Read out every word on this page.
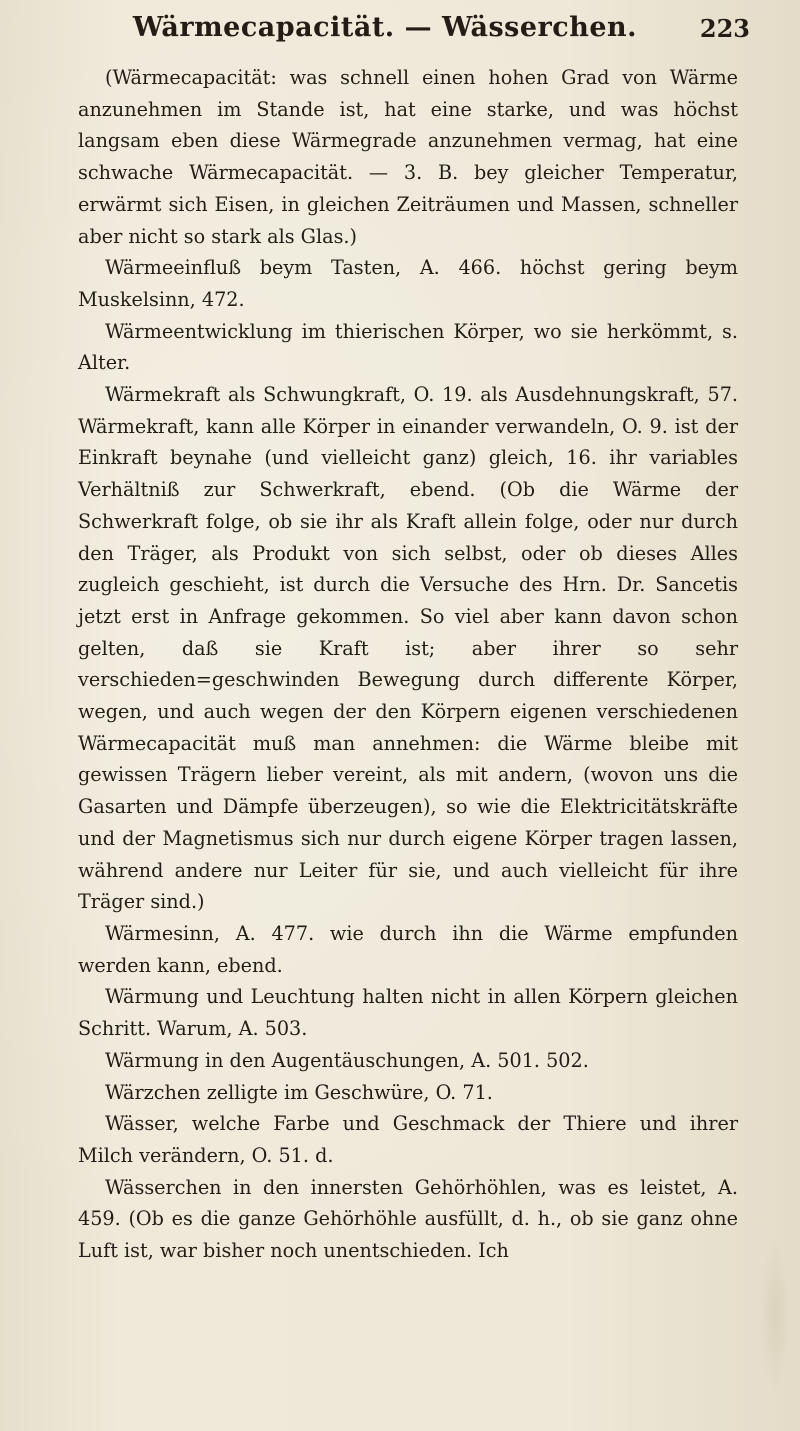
Wärmecapacität. — Wässerchen.	223

(Wärmecapacität: was schnell einen hohen Grad von Wärme anzunehmen im Stande ist, hat eine starke, und was höchst langsam eben diese Wärmegrade anzunehmen vermag, hat eine schwache Wärmecapacität. — 3. B. bey gleicher Temperatur, erwärmt sich Eisen, in gleichen Zeiträumen und Massen, schneller aber nicht so stark als Glas.)

Wärmeeinfluß beym Tasten, A. 466. höchst gering beym Muskelsinn, 472.

Wärmeentwicklung im thierischen Körper, wo sie herkömmt, s. Alter.

Wärmekraft als Schwungkraft, O. 19. als Ausdehnungskraft, 57. Wärmekraft, kann alle Körper in einander verwandeln, O. 9. ist der Einkraft beynahe (und vielleicht ganz) gleich, 16. ihr variables Verhältniß zur Schwerkraft, ebend. (Ob die Wärme der Schwerkraft folge, ob sie ihr als Kraft allein folge, oder nur durch den Träger, als Produkt von sich selbst, oder ob dieses Alles zugleich geschieht, ist durch die Versuche des Hrn. Dr. Sancetis jetzt erst in Anfrage gekommen. So viel aber kann davon schon gelten, daß sie Kraft ist; aber ihrer so sehr verschieden=geschwinden Bewegung durch differente Körper, wegen, und auch wegen der den Körpern eigenen verschiedenen Wärmecapacität muß man annehmen: die Wärme bleibe mit gewissen Trägern lieber vereint, als mit andern, (wovon uns die Gasarten und Dämpfe überzeugen), so wie die Elektricitätskräfte und der Magnetismus sich nur durch eigene Körper tragen lassen, während andere nur Leiter für sie, und auch vielleicht für ihre Träger sind.)

Wärmesinn, A. 477. wie durch ihn die Wärme empfunden werden kann, ebend.

Wärmung und Leuchtung halten nicht in allen Körpern gleichen Schritt. Warum, A. 503.

Wärmung in den Augentäuschungen, A. 501. 502.

Wärzchen zelligte im Geschwüre, O. 71.

Wässer, welche Farbe und Geschmack der Thiere und ihrer Milch verändern, O. 51. d.

Wässerchen in den innersten Gehörhöhlen, was es leistet, A. 459. (Ob es die ganze Gehörhöhle ausfüllt, d. h., ob sie ganz ohne Luft ist, war bisher noch unentschieden. Ich
